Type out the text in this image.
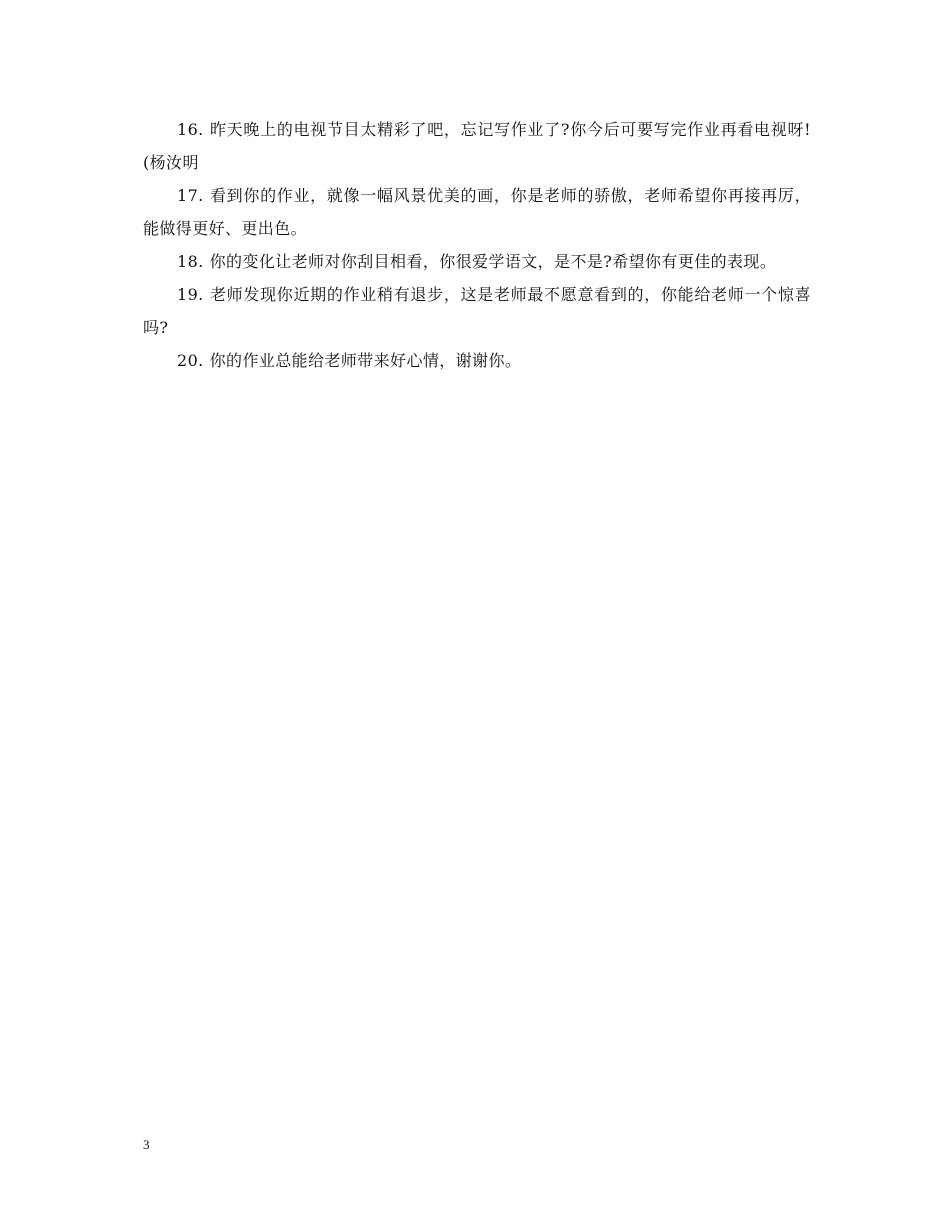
16. 昨天晚上的电视节目太精彩了吧，忘记写作业了?你今后可要写完作业再看电视呀!(杨汝明

17. 看到你的作业，就像一幅风景优美的画，你是老师的骄傲，老师希望你再接再厉，能做得更好、更出色。

18. 你的变化让老师对你刮目相看，你很爱学语文，是不是?希望你有更佳的表现。

19. 老师发现你近期的作业稍有退步，这是老师最不愿意看到的，你能给老师一个惊喜吗?

20. 你的作业总能给老师带来好心情，谢谢你。

3
